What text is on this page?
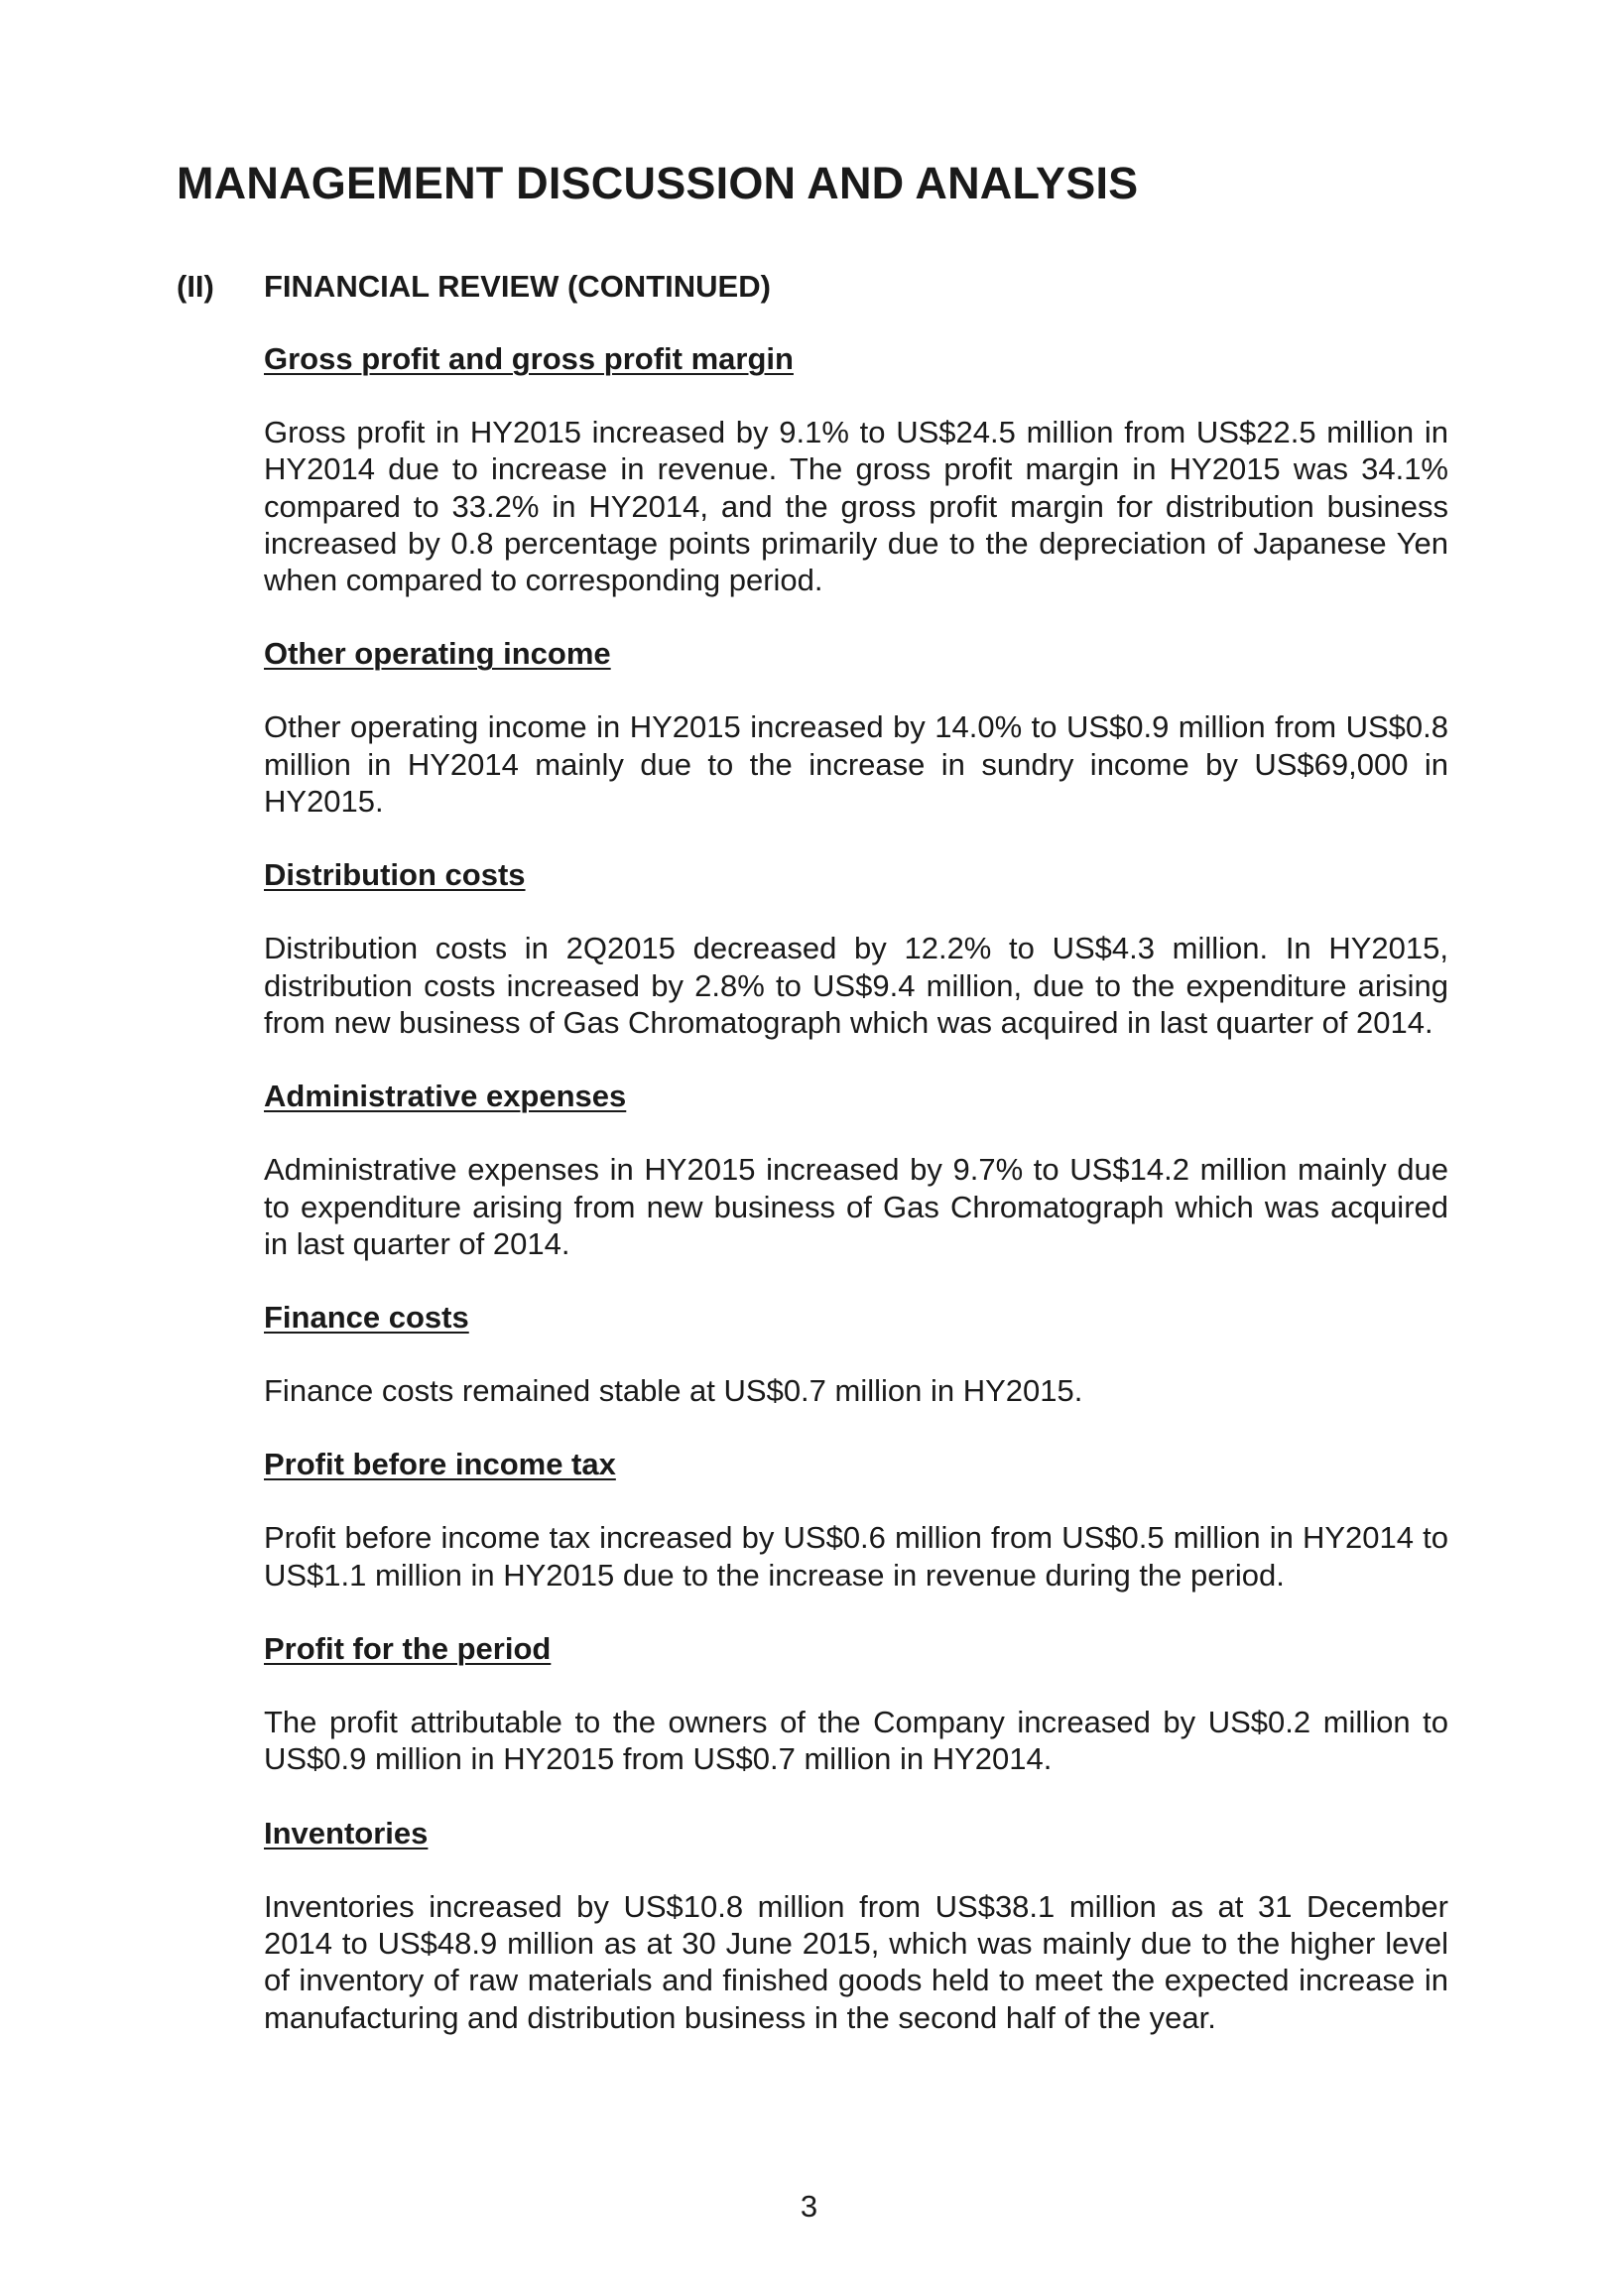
MANAGEMENT DISCUSSION AND ANALYSIS
(II) FINANCIAL REVIEW (CONTINUED)
Gross profit and gross profit margin

Gross profit in HY2015 increased by 9.1% to US$24.5 million from US$22.5 million in HY2014 due to increase in revenue. The gross profit margin in HY2015 was 34.1% compared to 33.2% in HY2014, and the gross profit margin for distribution business increased by 0.8 percentage points primarily due to the depreciation of Japanese Yen when compared to corresponding period.

Other operating income

Other operating income in HY2015 increased by 14.0% to US$0.9 million from US$0.8 million in HY2014 mainly due to the increase in sundry income by US$69,000 in HY2015.

Distribution costs

Distribution costs in 2Q2015 decreased by 12.2% to US$4.3 million. In HY2015, distribution costs increased by 2.8% to US$9.4 million, due to the expenditure arising from new business of Gas Chromatograph which was acquired in last quarter of 2014.

Administrative expenses

Administrative expenses in HY2015 increased by 9.7% to US$14.2 million mainly due to expenditure arising from new business of Gas Chromatograph which was acquired in last quarter of 2014.

Finance costs

Finance costs remained stable at US$0.7 million in HY2015.

Profit before income tax

Profit before income tax increased by US$0.6 million from US$0.5 million in HY2014 to US$1.1 million in HY2015 due to the increase in revenue during the period.

Profit for the period

The profit attributable to the owners of the Company increased by US$0.2 million to US$0.9 million in HY2015 from US$0.7 million in HY2014.

Inventories

Inventories increased by US$10.8 million from US$38.1 million as at 31 December 2014 to US$48.9 million as at 30 June 2015, which was mainly due to the higher level of inventory of raw materials and finished goods held to meet the expected increase in manufacturing and distribution business in the second half of the year.

3
